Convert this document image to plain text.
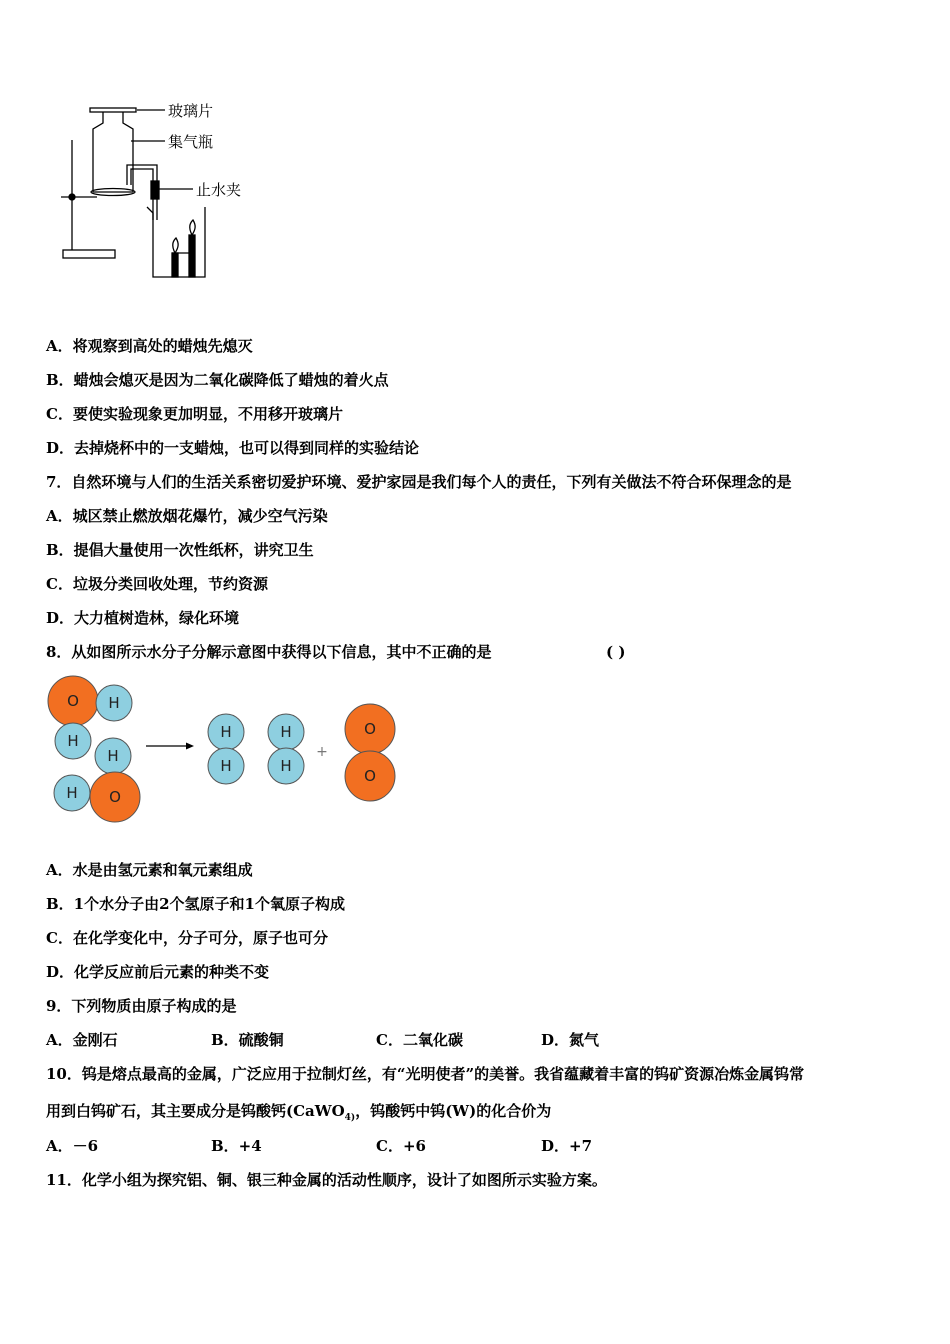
玻璃片
集气瓶
止水夹
A．将观察到高处的蜡烛先熄灭
B．蜡烛会熄灭是因为二氧化碳降低了蜡烛的着火点
C．要使实验现象更加明显，不用移开玻璃片
D．去掉烧杯中的一支蜡烛，也可以得到同样的实验结论
7．自然环境与人们的生活关系密切爱护环境、爱护家园是我们每个人的责任，下列有关做法不符合环保理念的是
A．城区禁止燃放烟花爆竹，减少空气污染
B．提倡大量使用一次性纸杯，讲究卫生
C．垃圾分类回收处理，节约资源
D．大力植树造林，绿化环境
8．从如图所示水分子分解示意图中获得以下信息，其中不正确的是	( )
O H
H
H
H O
H
H
H
H
O
O
+
A．水是由氢元素和氧元素组成
B．1个水分子由2个氢原子和1个氧原子构成
C．在化学变化中，分子可分，原子也可分
D．化学反应前后元素的种类不变
9．下列物质由原子构成的是
A．金刚石	B．硫酸铜	C．二氧化碳	D．氮气
10．钨是熔点最高的金属，广泛应用于拉制灯丝，有“光明使者”的美誉。我省蕴藏着丰富的钨矿资源冶炼金属钨常
用到白钨矿石，其主要成分是钨酸钙(CaWO$_{4)}$，钨酸钙中钨(W)的化合价为
A．－6	B．+4	C．+6	D．+7
11．化学小组为探究铝、铜、银三种金属的活动性顺序，设计了如图所示实验方案。
